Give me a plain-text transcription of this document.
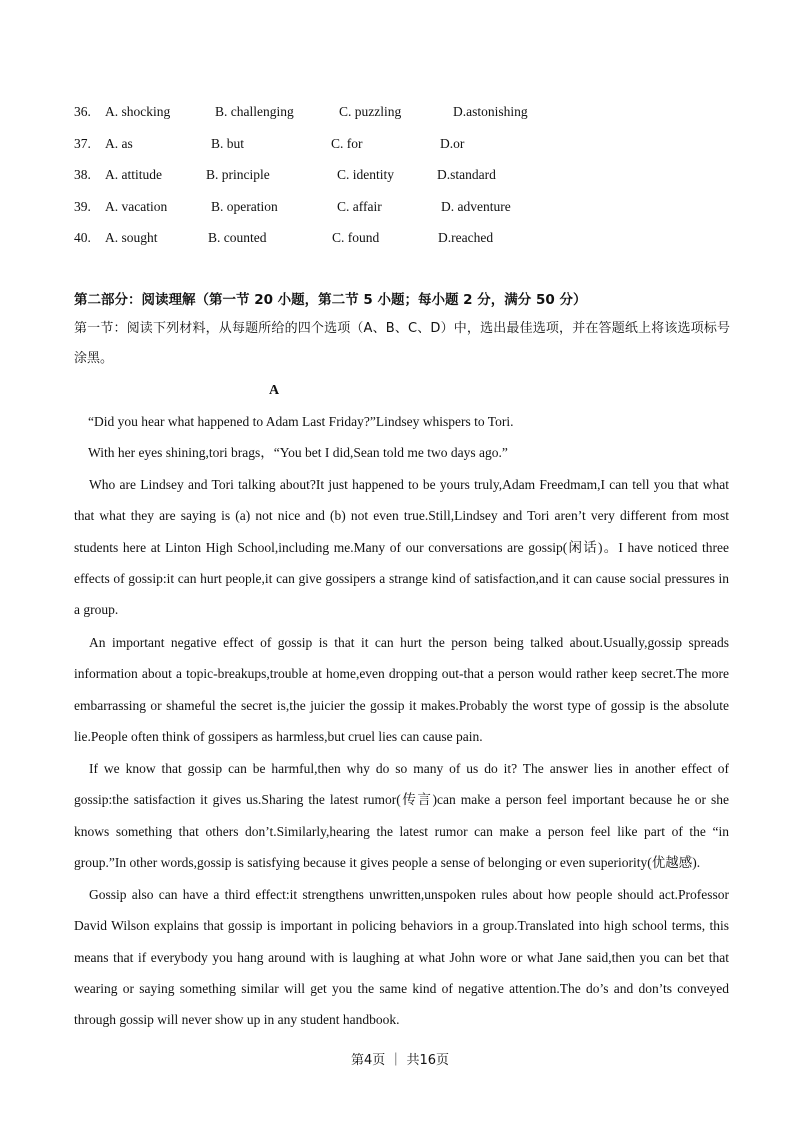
36. A. shocking	B. challenging	C. puzzling	D.astonishing
37. A. as	B. but	C. for	D.or
38. A. attitude	B. principle	C. identity	D.standard
39. A. vacation	B. operation	C. affair	D. adventure
40. A. sought	B. counted	C. found	D.reached
第二部分：阅读理解（第一节 20 小题，第二节 5 小题；每小题 2 分，满分 50 分）
第一节：阅读下列材料，从每题所给的四个选项（A、B、C、D）中，选出最佳选项，并在答题纸上将该选项标号涂黑。
A
“Did you hear what happened to Adam Last Friday?”Lindsey whispers to Tori.
With her eyes shining,tori brags，“You bet I did,Sean told me two days ago.”
Who are Lindsey and Tori talking about?It just happened to be yours truly,Adam Freedmam,I can tell you that what that what they are saying is (a) not nice and (b) not even true.Still,Lindsey and Tori aren’t very different from most students here at Linton High School,including me.Many of our conversations are gossip(闲话)。I have noticed three effects of gossip:it can hurt people,it can give gossipers a strange kind of satisfaction,and it can cause social pressures in a group.
An important negative effect of gossip is that it can hurt the person being talked about.Usually,gossip spreads information about a topic-breakups,trouble at home,even dropping out-that a person would rather keep secret.The more embarrassing or shameful the secret is,the juicier the gossip it makes.Probably the worst type of gossip is the absolute lie.People often think of gossipers as harmless,but cruel lies can cause pain.
If we know that gossip can be harmful,then why do so many of us do it? The answer lies in another effect of gossip:the satisfaction it gives us.Sharing the latest rumor(传言)can make a person feel important because he or she knows something that others don’t.Similarly,hearing the latest rumor can make a person feel like part of the “in group.”In other words,gossip is satisfying because it gives people a sense of belonging or even superiority(优越感).
Gossip also can have a third effect:it strengthens unwritten,unspoken rules about how people should act.Professor David Wilson explains that gossip is important in policing behaviors in a group.Translated into high school terms, this means that if everybody you hang around with is laughing at what John wore or what Jane said,then you can bet that wearing or saying something similar will get you the same kind of negative attention.The do’s and don’ts conveyed through gossip will never show up in any student handbook.
第4页 ｜ 共16页
